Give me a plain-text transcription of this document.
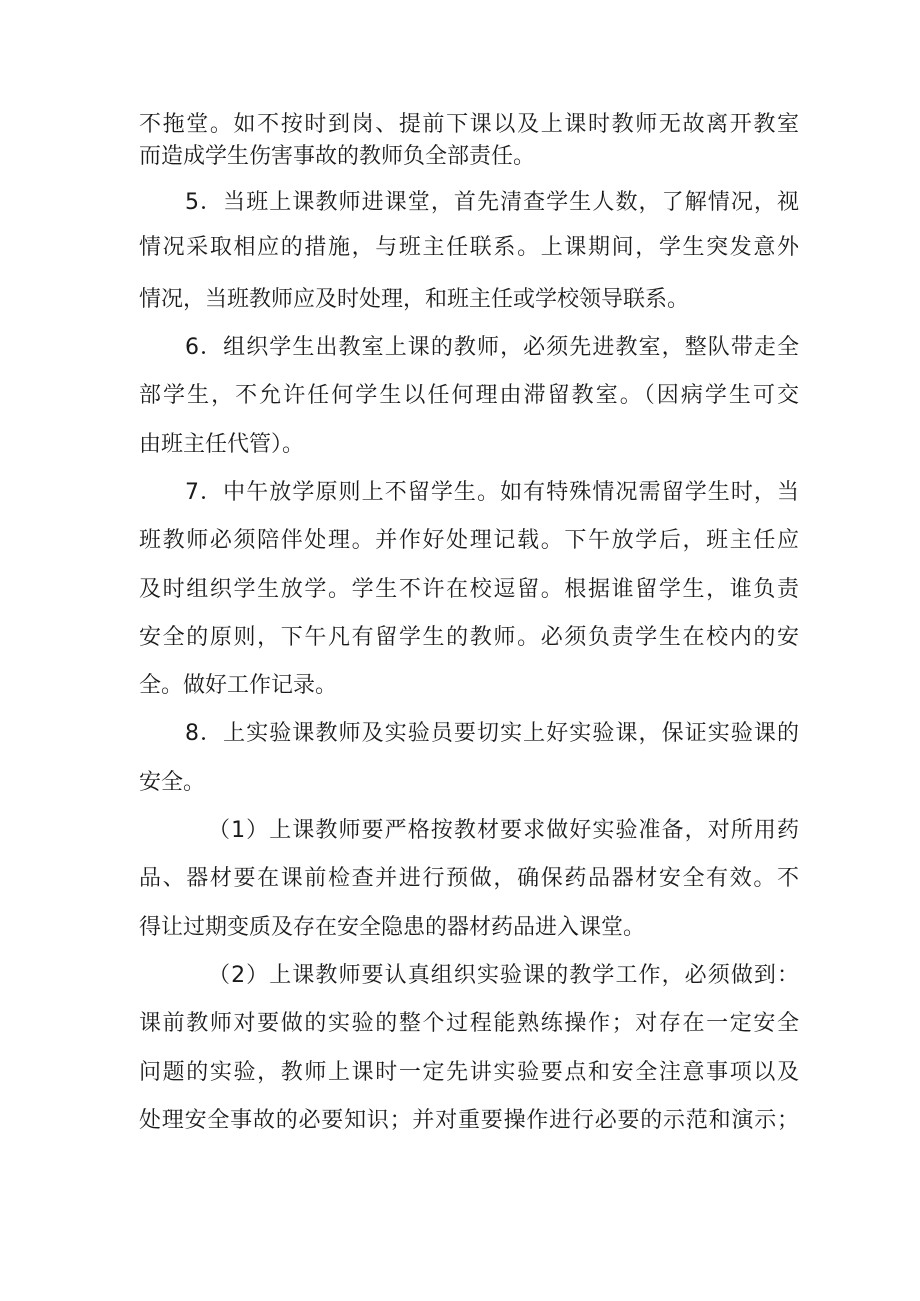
不拖堂。如不按时到岗、提前下课以及上课时教师无故离开教室

而造成学生伤害事故的教师负全部责任。

5．当班上课教师进课堂，首先清查学生人数，了解情况，视

情况采取相应的措施，与班主任联系。上课期间，学生突发意外

情况，当班教师应及时处理，和班主任或学校领导联系。

6．组织学生出教室上课的教师，必须先进教室，整队带走全

部学生，不允许任何学生以任何理由滞留教室。（因病学生可交

由班主任代管）。

7．中午放学原则上不留学生。如有特殊情况需留学生时，当

班教师必须陪伴处理。并作好处理记载。下午放学后，班主任应

及时组织学生放学。学生不许在校逗留。根据谁留学生，谁负责

安全的原则，下午凡有留学生的教师。必须负责学生在校内的安

全。做好工作记录。

8．上实验课教师及实验员要切实上好实验课，保证实验课的

安全。

（1）上课教师要严格按教材要求做好实验准备，对所用药

品、器材要在课前检查并进行预做，确保药品器材安全有效。不

得让过期变质及存在安全隐患的器材药品进入课堂。

（2）上课教师要认真组织实验课的教学工作，必须做到：

课前教师对要做的实验的整个过程能熟练操作；对存在一定安全

问题的实验，教师上课时一定先讲实验要点和安全注意事项以及

处理安全事故的必要知识；并对重要操作进行必要的示范和演示；
